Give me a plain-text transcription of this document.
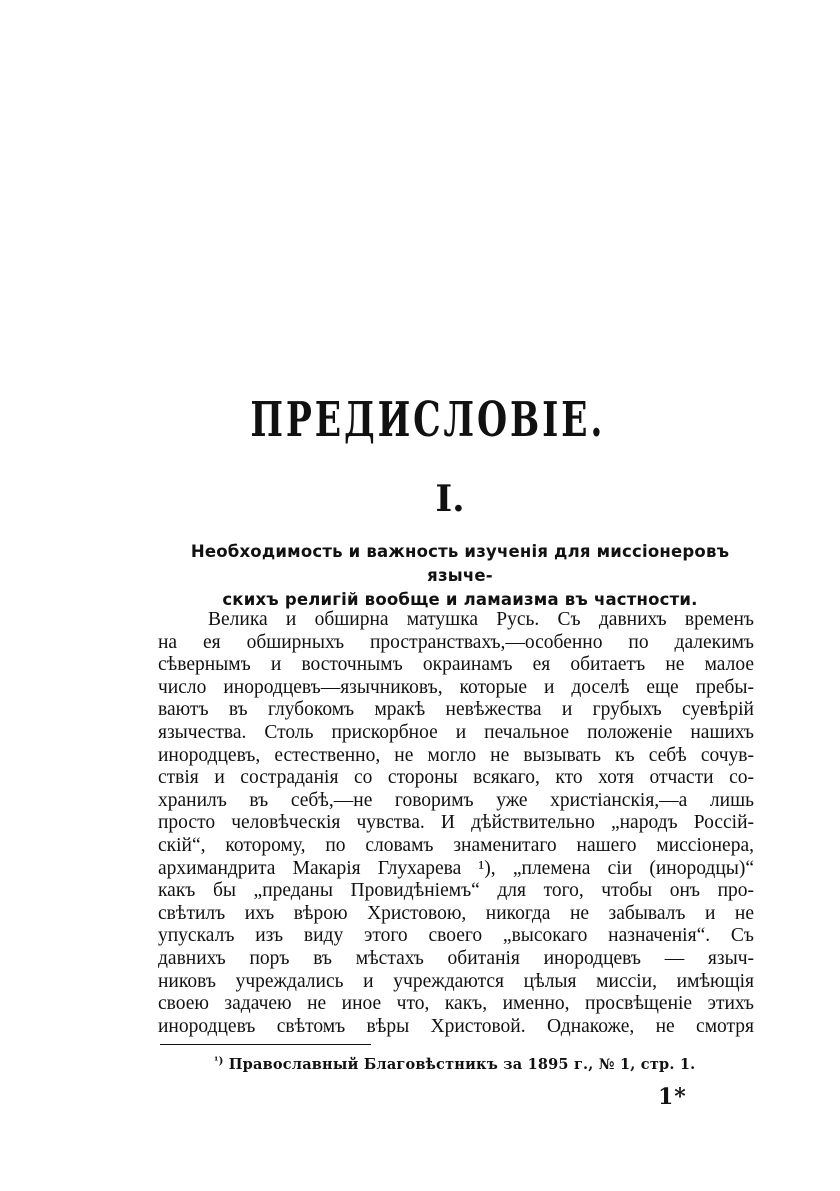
ПРЕДИСЛОВІЕ.
I.
Необходимость и важность изученія для миссіонеровъ языче-
скихъ религій вообще и ламаизма въ частности.
Велика и обширна матушка Русь. Съ давнихъ временъ
на ея обширныхъ пространствахъ,—особенно по далекимъ
сѣвернымъ и восточнымъ окраинамъ ея обитаетъ не малое
число инородцевъ—язычниковъ, которые и доселѣ еще пребы-
ваютъ въ глубокомъ мракѣ невѣжества и грубыхъ суевѣрій
язычества. Столь прискорбное и печальное положеніе нашихъ
инородцевъ, естественно, не могло не вызывать къ себѣ сочув-
ствія и состраданія со стороны всякаго, кто хотя отчасти со-
хранилъ въ себѣ,—не говоримъ уже христіанскія,—а лишь
просто человѣческія чувства. И дѣйствительно „народъ Россій-
скій“, которому, по словамъ знаменитаго нашего миссіонера,
архимандрита Макарія Глухарева ¹), „племена сіи (инородцы)“
какъ бы „преданы Провидѣніемъ“ для того, чтобы онъ про-
свѣтилъ ихъ вѣрою Христовою, никогда не забывалъ и не
упускалъ изъ виду этого своего „высокаго назначенія“. Съ
давнихъ поръ въ мѣстахъ обитанія инородцевъ — языч-
никовъ учреждались и учреждаются цѣлыя миссіи, имѣющія
своею задачею не иное что, какъ, именно, просвѣщеніе этихъ
инородцевъ свѣтомъ вѣры Христовой. Однакоже, не смотря
$^{^1)}$ Православный Благовѣстникъ за 1895 г., № 1, стр. 1.
1*
